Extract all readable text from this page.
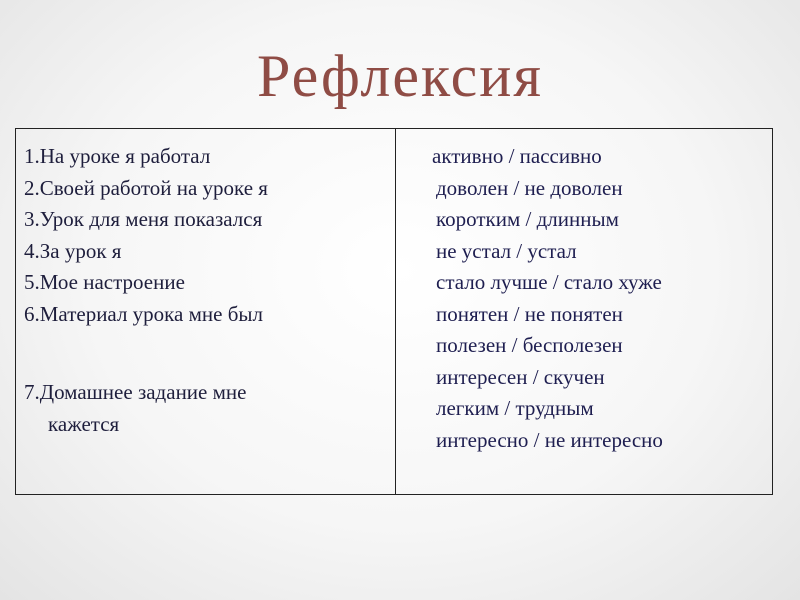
Рефлексия
1.На уроке я работал
2.Своей работой на уроке я
3.Урок для меня показался
4.За урок я
5.Мое настроение
6.Материал урока мне был
7.Домашнее задание мне
кажется
активно / пассивно
доволен / не доволен
коротким / длинным
не устал / устал
стало лучше / стало хуже
понятен / не понятен
полезен / бесполезен
интересен / скучен
легким / трудным
интересно / не интересно
